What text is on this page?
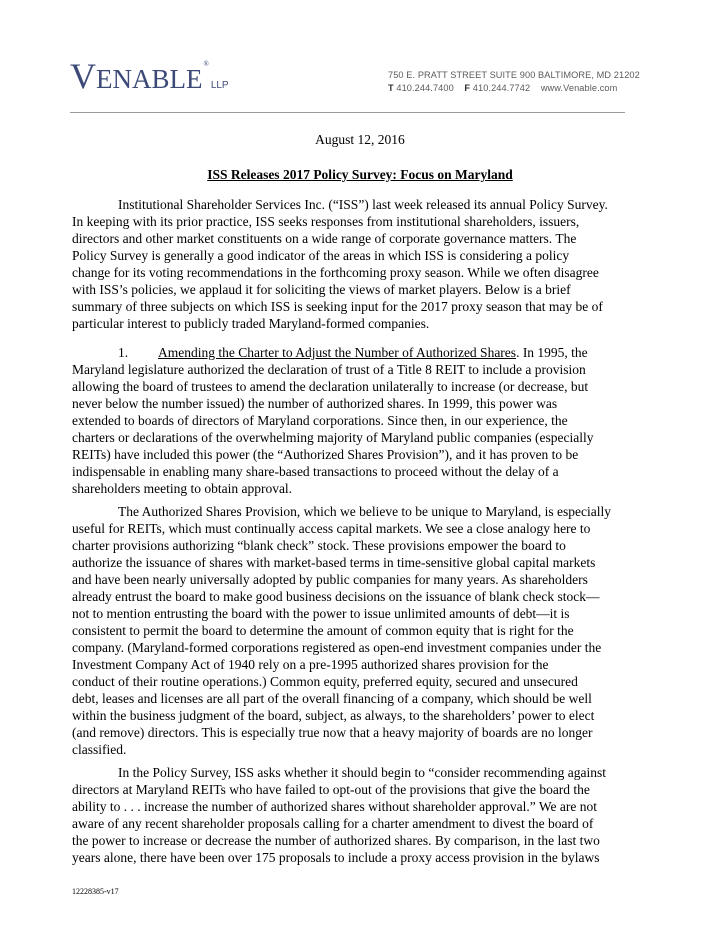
VENABLE®LLP
750 E. PRATT STREET SUITE 900 BALTIMORE, MD 21202
T 410.244.7400 F 410.244.7742 www.Venable.com
August 12, 2016
ISS Releases 2017 Policy Survey: Focus on Maryland
Institutional Shareholder Services Inc. (“ISS”) last week released its annual Policy Survey.
In keeping with its prior practice, ISS seeks responses from institutional shareholders, issuers,
directors and other market constituents on a wide range of corporate governance matters. The
Policy Survey is generally a good indicator of the areas in which ISS is considering a policy
change for its voting recommendations in the forthcoming proxy season. While we often disagree
with ISS’s policies, we applaud it for soliciting the views of market players. Below is a brief
summary of three subjects on which ISS is seeking input for the 2017 proxy season that may be of
particular interest to publicly traded Maryland-formed companies.
1. Amending the Charter to Adjust the Number of Authorized Shares. In 1995, the
Maryland legislature authorized the declaration of trust of a Title 8 REIT to include a provision
allowing the board of trustees to amend the declaration unilaterally to increase (or decrease, but
never below the number issued) the number of authorized shares. In 1999, this power was
extended to boards of directors of Maryland corporations. Since then, in our experience, the
charters or declarations of the overwhelming majority of Maryland public companies (especially
REITs) have included this power (the “Authorized Shares Provision”), and it has proven to be
indispensable in enabling many share-based transactions to proceed without the delay of a
shareholders meeting to obtain approval.
The Authorized Shares Provision, which we believe to be unique to Maryland, is especially
useful for REITs, which must continually access capital markets. We see a close analogy here to
charter provisions authorizing “blank check” stock. These provisions empower the board to
authorize the issuance of shares with market-based terms in time-sensitive global capital markets
and have been nearly universally adopted by public companies for many years. As shareholders
already entrust the board to make good business decisions on the issuance of blank check stock—
not to mention entrusting the board with the power to issue unlimited amounts of debt—it is
consistent to permit the board to determine the amount of common equity that is right for the
company. (Maryland-formed corporations registered as open-end investment companies under the
Investment Company Act of 1940 rely on a pre-1995 authorized shares provision for the
conduct of their routine operations.) Common equity, preferred equity, secured and unsecured
debt, leases and licenses are all part of the overall financing of a company, which should be well
within the business judgment of the board, subject, as always, to the shareholders’ power to elect
(and remove) directors. This is especially true now that a heavy majority of boards are no longer
classified.
In the Policy Survey, ISS asks whether it should begin to “consider recommending against
directors at Maryland REITs who have failed to opt-out of the provisions that give the board the
ability to . . . increase the number of authorized shares without shareholder approval.” We are not
aware of any recent shareholder proposals calling for a charter amendment to divest the board of
the power to increase or decrease the number of authorized shares. By comparison, in the last two
years alone, there have been over 175 proposals to include a proxy access provision in the bylaws
12228385-v17
